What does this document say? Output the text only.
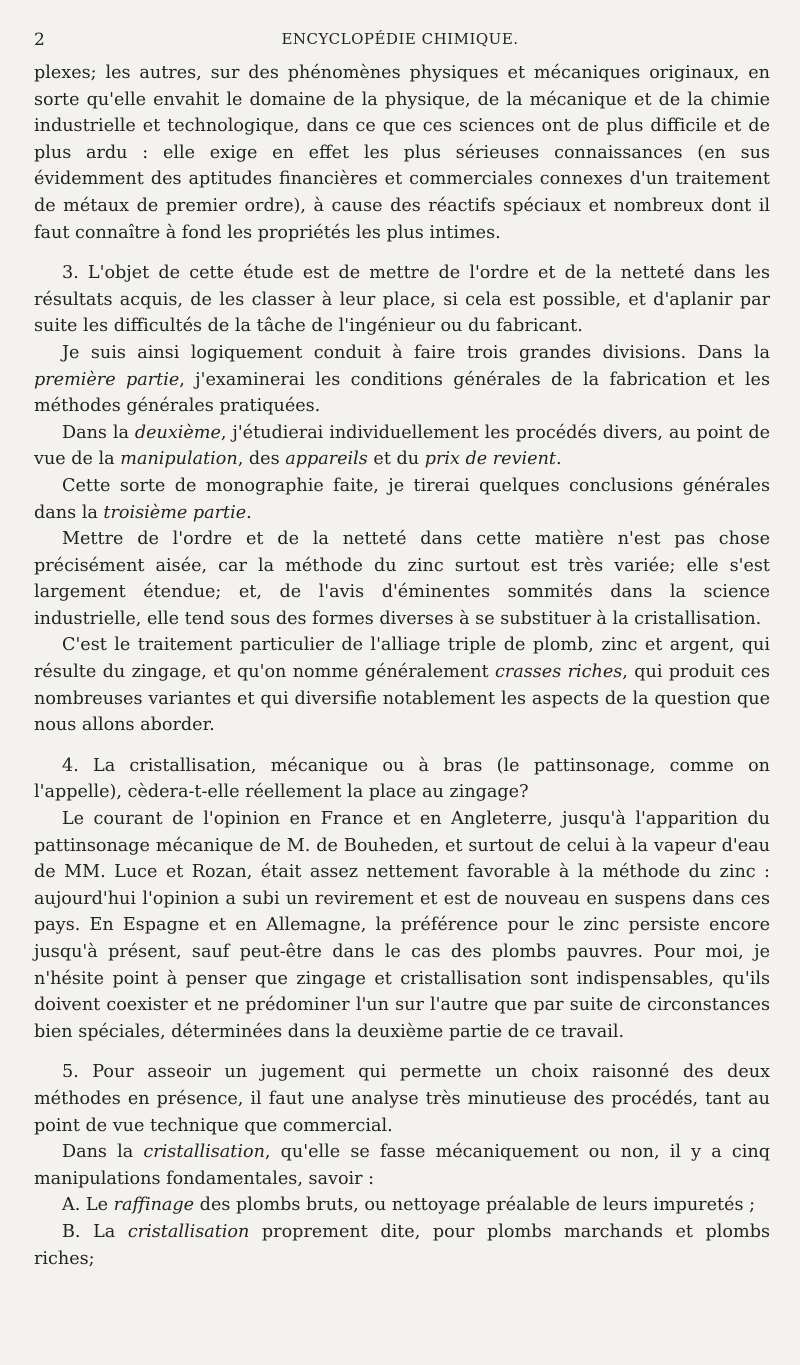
2	ENCYCLOPÉDIE CHIMIQUE.

plexes; les autres, sur des phénomènes physiques et mécaniques originaux, en sorte qu'elle envahit le domaine de la physique, de la mécanique et de la chimie industrielle et technologique, dans ce que ces sciences ont de plus difficile et de plus ardu : elle exige en effet les plus sérieuses connaissances (en sus évidemment des aptitudes financières et commerciales connexes d'un traitement de métaux de premier ordre), à cause des réactifs spéciaux et nombreux dont il faut connaître à fond les propriétés les plus intimes.

3. L'objet de cette étude est de mettre de l'ordre et de la netteté dans les résultats acquis, de les classer à leur place, si cela est possible, et d'aplanir par suite les difficultés de la tâche de l'ingénieur ou du fabricant.

Je suis ainsi logiquement conduit à faire trois grandes divisions. Dans la première partie, j'examinerai les conditions générales de la fabrication et les méthodes générales pratiquées.

Dans la deuxième, j'étudierai individuellement les procédés divers, au point de vue de la manipulation, des appareils et du prix de revient.

Cette sorte de monographie faite, je tirerai quelques conclusions générales dans la troisième partie.

Mettre de l'ordre et de la netteté dans cette matière n'est pas chose précisément aisée, car la méthode du zinc surtout est très variée; elle s'est largement étendue; et, de l'avis d'éminentes sommités dans la science industrielle, elle tend sous des formes diverses à se substituer à la cristallisation.

C'est le traitement particulier de l'alliage triple de plomb, zinc et argent, qui résulte du zingage, et qu'on nomme généralement crasses riches, qui produit ces nombreuses variantes et qui diversifie notablement les aspects de la question que nous allons aborder.

4. La cristallisation, mécanique ou à bras (le pattinsonage, comme on l'appelle), cèdera-t-elle réellement la place au zingage?

Le courant de l'opinion en France et en Angleterre, jusqu'à l'apparition du pattinsonage mécanique de M. de Bouheden, et surtout de celui à la vapeur d'eau de MM. Luce et Rozan, était assez nettement favorable à la méthode du zinc : aujourd'hui l'opinion a subi un revirement et est de nouveau en suspens dans ces pays. En Espagne et en Allemagne, la préférence pour le zinc persiste encore jusqu'à présent, sauf peut-être dans le cas des plombs pauvres. Pour moi, je n'hésite point à penser que zingage et cristallisation sont indispensables, qu'ils doivent coexister et ne prédominer l'un sur l'autre que par suite de circonstances bien spéciales, déterminées dans la deuxième partie de ce travail.

5. Pour asseoir un jugement qui permette un choix raisonné des deux méthodes en présence, il faut une analyse très minutieuse des procédés, tant au point de vue technique que commercial.

Dans la cristallisation, qu'elle se fasse mécaniquement ou non, il y a cinq manipulations fondamentales, savoir :

A. Le raffinage des plombs bruts, ou nettoyage préalable de leurs impuretés ;

B. La cristallisation proprement dite, pour plombs marchands et plombs riches;
